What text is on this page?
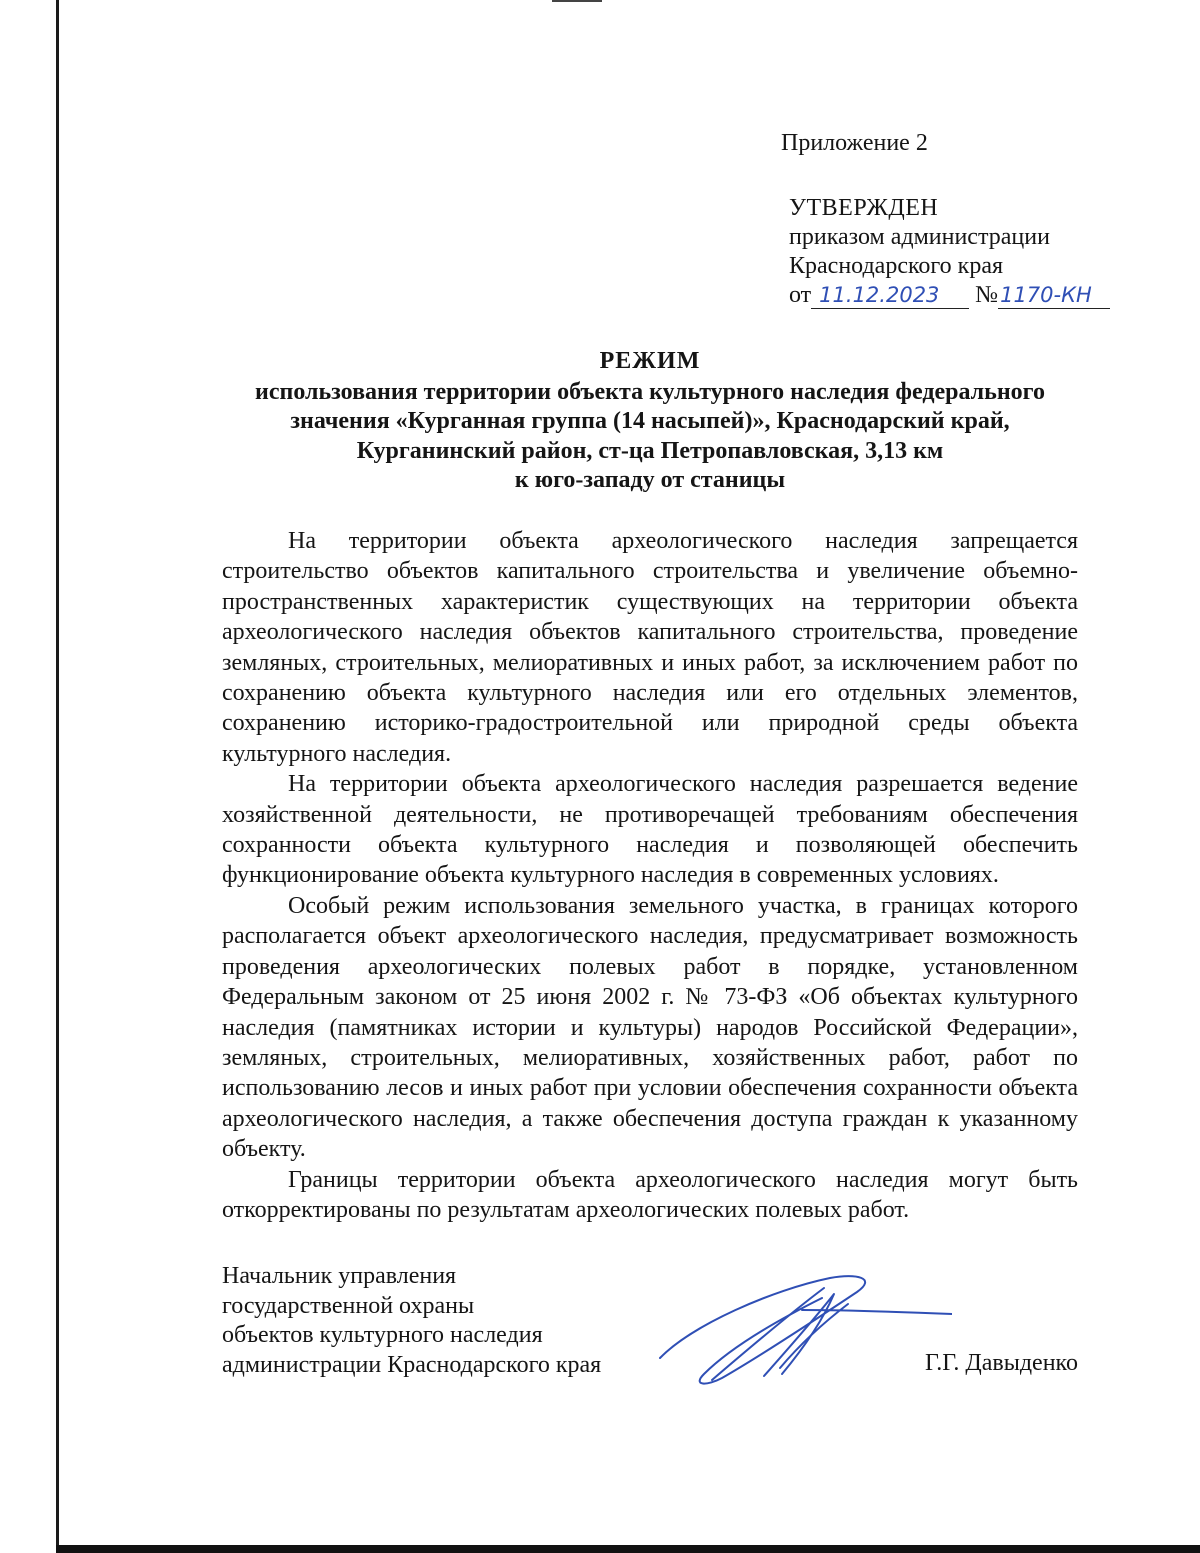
Приложение 2
УТВЕРЖДЕН
приказом администрации
Краснодарского края
от 11.12.2023 №1170-КН
РЕЖИМ
использования территории объекта культурного наследия федерального
значения «Курганная группа (14 насыпей)», Краснодарский край,
Курганинский район, ст-ца Петропавловская, 3,13 км
к юго-западу от станицы

На территории объекта археологического наследия запрещается строительство объектов капитального строительства и увеличение объемно-пространственных характеристик существующих на территории объекта археологического наследия объектов капитального строительства, проведение земляных, строительных, мелиоративных и иных работ, за исключением работ по сохранению объекта культурного наследия или его отдельных элементов, сохранению историко-градостроительной или природной среды объекта культурного наследия.

На территории объекта археологического наследия разрешается ведение хозяйственной деятельности, не противоречащей требованиям обеспечения сохранности объекта культурного наследия и позволяющей обеспечить функционирование объекта культурного наследия в современных условиях.

Особый режим использования земельного участка, в границах которого располагается объект археологического наследия, предусматривает возможность проведения археологических полевых работ в порядке, установленном Федеральным законом от 25 июня 2002 г. № 73-ФЗ «Об объектах культурного наследия (памятниках истории и культуры) народов Российской Федерации», земляных, строительных, мелиоративных, хозяйственных работ, работ по использованию лесов и иных работ при условии обеспечения сохранности объекта археологического наследия, а также обеспечения доступа граждан к указанному объекту.

Границы территории объекта археологического наследия могут быть откорректированы по результатам археологических полевых работ.

Начальник управления
государственной охраны
объектов культурного наследия
администрации Краснодарского края	Г.Г. Давыденко
